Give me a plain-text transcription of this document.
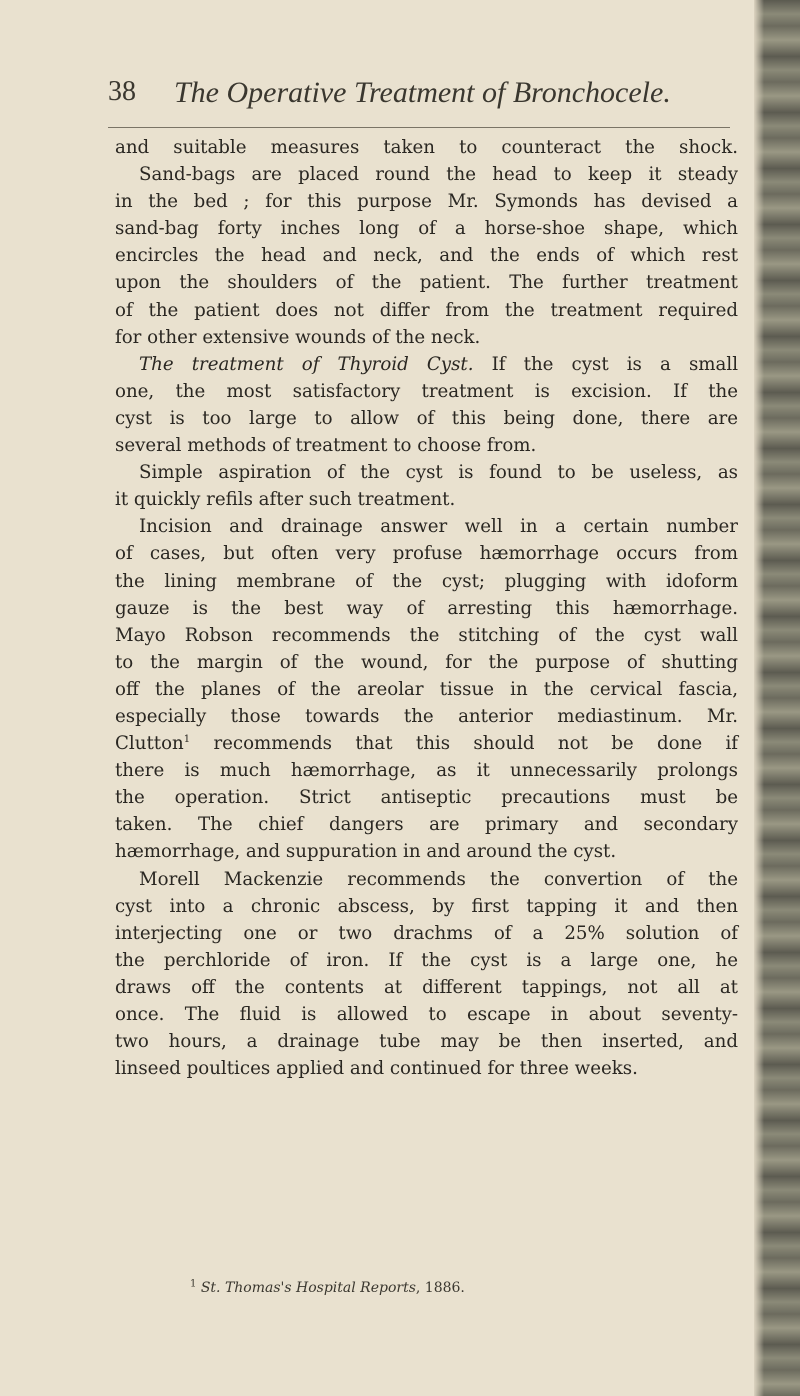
38 The Operative Treatment of Bronchocele.
and suitable measures taken to counteract the shock.
Sand-bags are placed round the head to keep it steady
in the bed ; for this purpose Mr. Symonds has devised a
sand-bag forty inches long of a horse-shoe shape, which
encircles the head and neck, and the ends of which rest
upon the shoulders of the patient. The further treatment
of the patient does not differ from the treatment required
for other extensive wounds of the neck.
The treatment of Thyroid Cyst. If the cyst is a small
one, the most satisfactory treatment is excision. If the
cyst is too large to allow of this being done, there are
several methods of treatment to choose from.
Simple aspiration of the cyst is found to be useless, as
it quickly refils after such treatment.
Incision and drainage answer well in a certain number
of cases, but often very profuse hæmorrhage occurs from
the lining membrane of the cyst; plugging with idoform
gauze is the best way of arresting this hæmorrhage.
Mayo Robson recommends the stitching of the cyst wall
to the margin of the wound, for the purpose of shutting
off the planes of the areolar tissue in the cervical fascia,
especially those towards the anterior mediastinum. Mr.
Clutton$^1$ recommends that this should not be done if
there is much hæmorrhage, as it unnecessarily prolongs
the operation. Strict antiseptic precautions must be
taken. The chief dangers are primary and secondary
hæmorrhage, and suppuration in and around the cyst.
Morell Mackenzie recommends the convertion of the
cyst into a chronic abscess, by first tapping it and then
interjecting one or two drachms of a 25% solution of
the perchloride of iron. If the cyst is a large one, he
draws off the contents at different tappings, not all at
once. The fluid is allowed to escape in about seventy-
two hours, a drainage tube may be then inserted, and
linseed poultices applied and continued for three weeks.
$^1$ St. Thomas's Hospital Reports, 1886.
